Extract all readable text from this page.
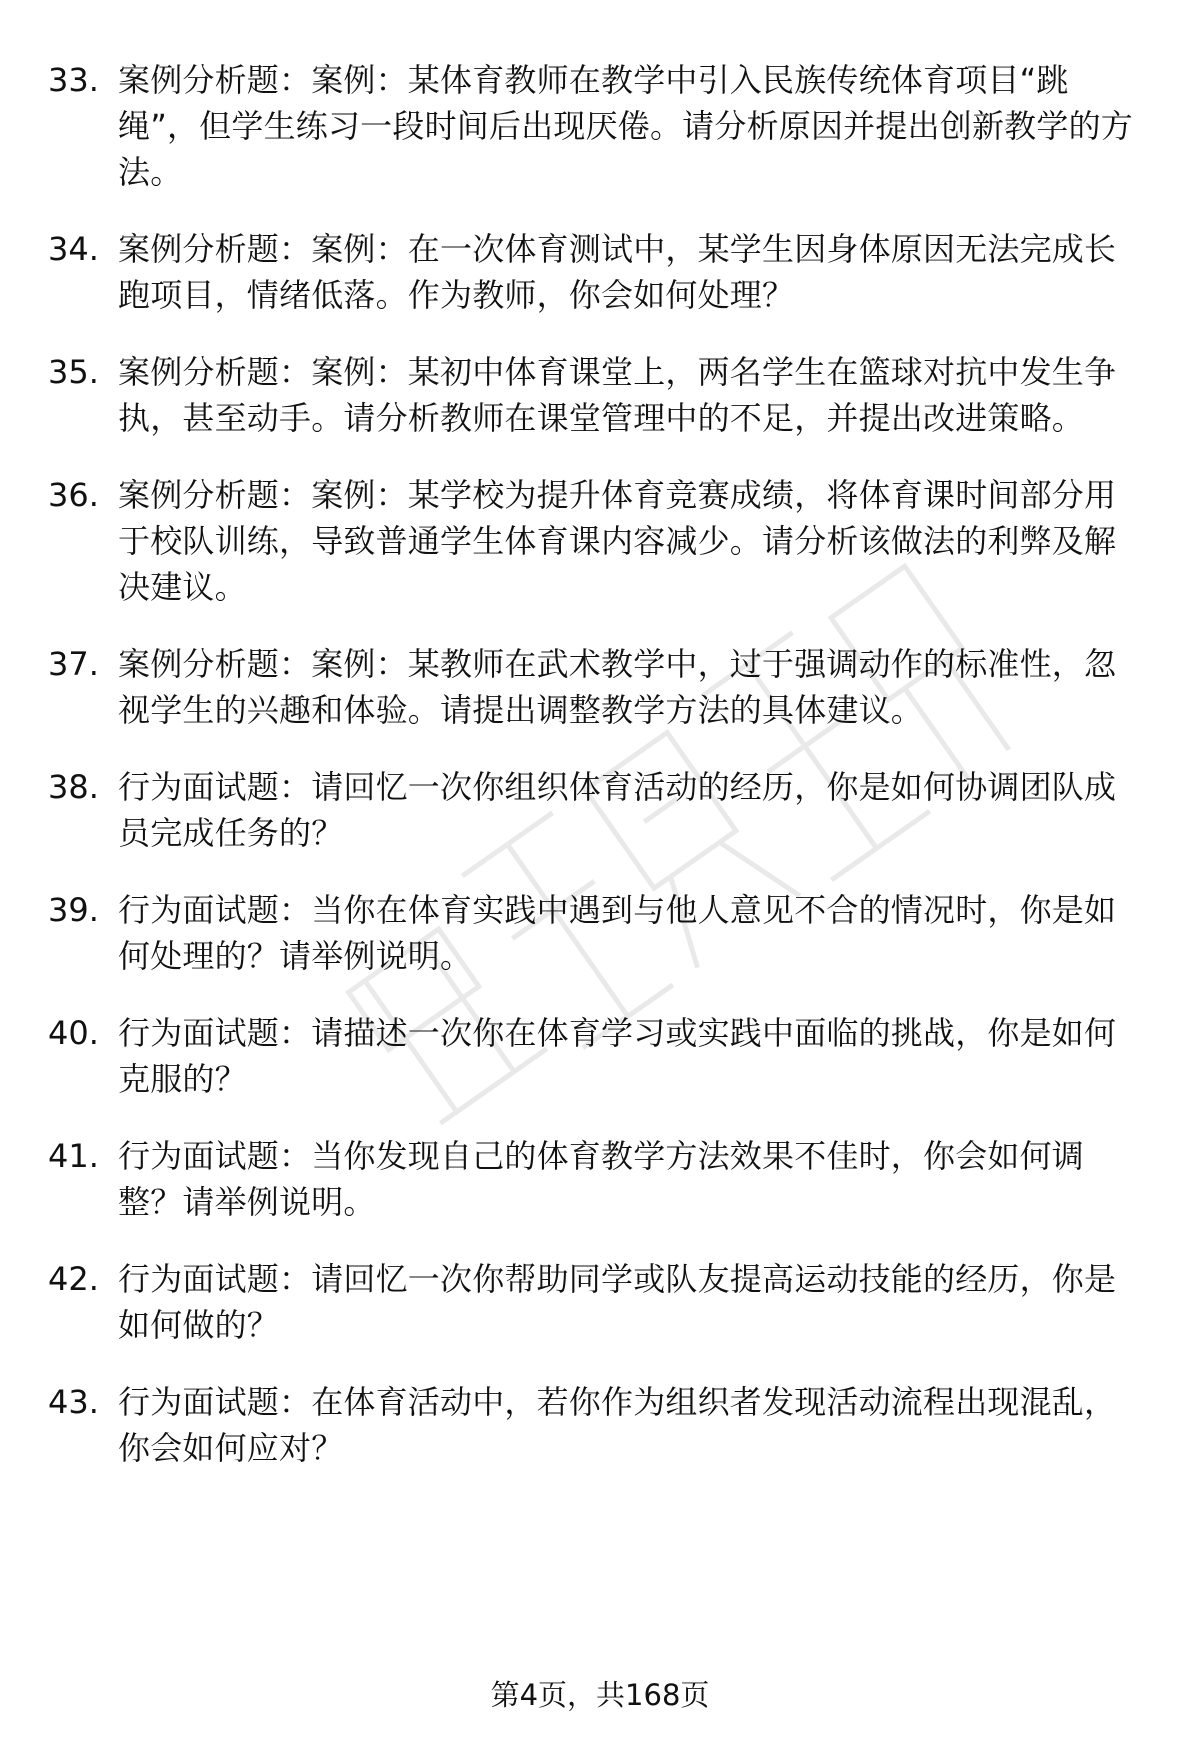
33. 案例分析题：案例：某体育教师在教学中引入民族传统体育项目“跳绳”，但学生练习一段时间后出现厌倦。请分析原因并提出创新教学的方法。
34. 案例分析题：案例：在一次体育测试中，某学生因身体原因无法完成长跑项目，情绪低落。作为教师，你会如何处理？
35. 案例分析题：案例：某初中体育课堂上，两名学生在篮球对抗中发生争执，甚至动手。请分析教师在课堂管理中的不足，并提出改进策略。
36. 案例分析题：案例：某学校为提升体育竞赛成绩，将体育课时间部分用于校队训练，导致普通学生体育课内容减少。请分析该做法的利弊及解决建议。
37. 案例分析题：案例：某教师在武术教学中，过于强调动作的标准性，忽视学生的兴趣和体验。请提出调整教学方法的具体建议。
38. 行为面试题：请回忆一次你组织体育活动的经历，你是如何协调团队成员完成任务的？
39. 行为面试题：当你在体育实践中遇到与他人意见不合的情况时，你是如何处理的？请举例说明。
40. 行为面试题：请描述一次你在体育学习或实践中面临的挑战，你是如何克服的？
41. 行为面试题：当你发现自己的体育教学方法效果不佳时，你会如何调整？请举例说明。
42. 行为面试题：请回忆一次你帮助同学或队友提高运动技能的经历，你是如何做的？
43. 行为面试题：在体育活动中，若你作为组织者发现活动流程出现混乱，你会如何应对？
第4页，共168页
